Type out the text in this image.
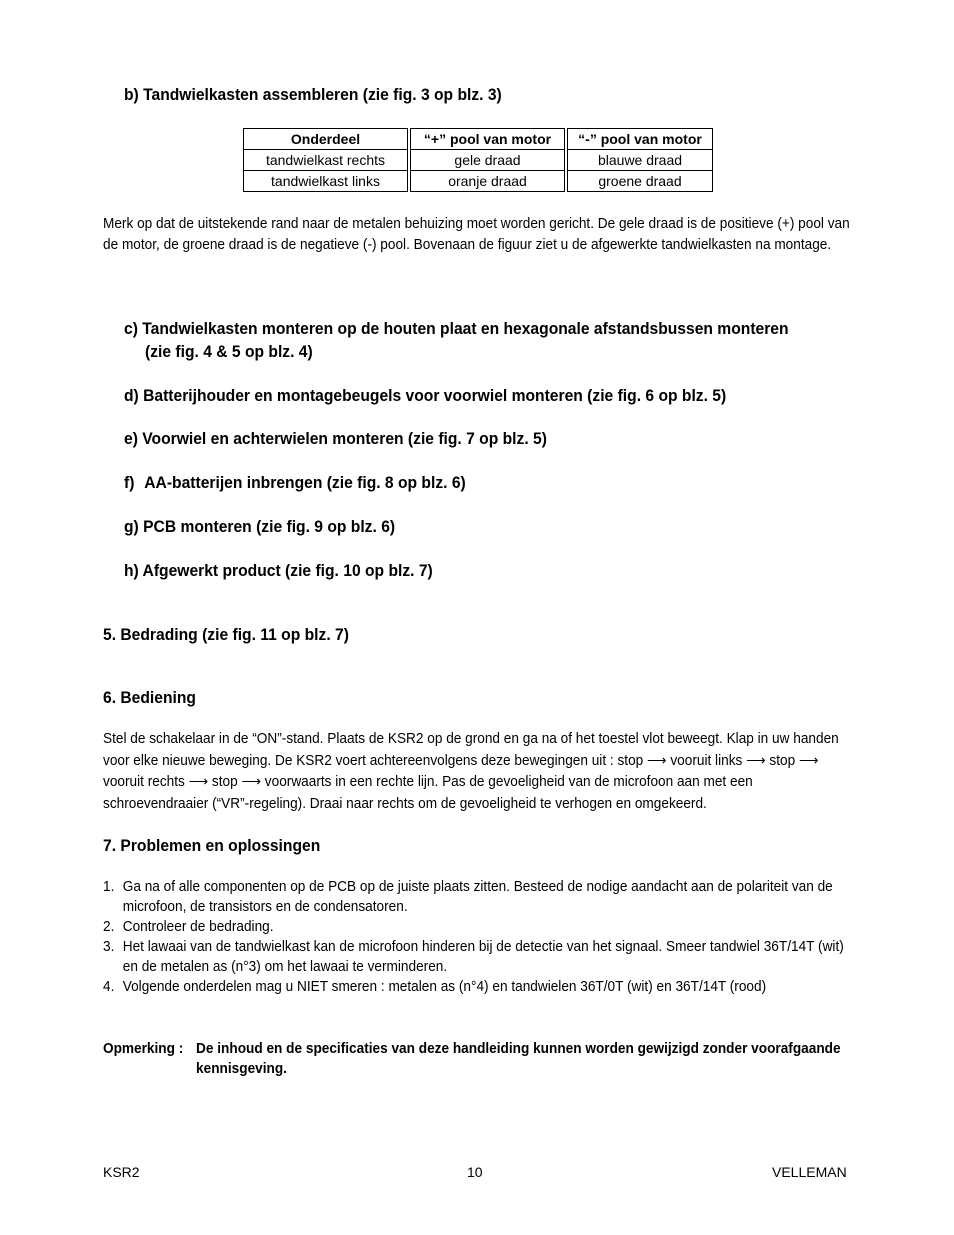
b) Tandwielkasten assembleren (zie fig. 3 op blz. 3)
Onderdeel		“+” pool van motor		“-” pool van motor
tandwielkast rechts		gele draad		blauwe draad
tandwielkast links		oranje draad		groene draad
Merk op dat de uitstekende rand naar de metalen behuizing moet worden gericht. De gele draad is de positieve (+) pool van de motor, de groene draad is de negatieve (-) pool. Bovenaan de figuur ziet u de afgewerkte tandwielkasten na montage.
c) Tandwielkasten monteren op de houten plaat en hexagonale afstandsbussen monteren
(zie fig. 4 & 5 op blz. 4)
d) Batterijhouder en montagebeugels voor voorwiel monteren (zie fig. 6 op blz. 5)
e) Voorwiel en achterwielen monteren (zie fig. 7 op blz. 5)
f) AA-batterijen inbrengen (zie fig. 8 op blz. 6)
g) PCB monteren (zie fig. 9 op blz. 6)
h) Afgewerkt product (zie fig. 10 op blz. 7)
5. Bedrading (zie fig. 11 op blz. 7)
6. Bediening
Stel de schakelaar in de “ON”-stand. Plaats de KSR2 op de grond en ga na of het toestel vlot beweegt. Klap in uw handen voor elke nieuwe beweging. De KSR2 voert achtereenvolgens deze bewegingen uit : stop ⟶ vooruit links ⟶ stop ⟶ vooruit rechts ⟶ stop ⟶ voorwaarts in een rechte lijn. Pas de gevoeligheid van de microfoon aan met een schroevendraaier (“VR”-regeling). Draai naar rechts om de gevoeligheid te verhogen en omgekeerd.
7. Problemen en oplossingen
1. Ga na of alle componenten op de PCB op de juiste plaats zitten. Besteed de nodige aandacht aan de polariteit van de microfoon, de transistors en de condensatoren.
2. Controleer de bedrading.
3. Het lawaai van de tandwielkast kan de microfoon hinderen bij de detectie van het signaal. Smeer tandwiel 36T/14T (wit) en de metalen as (n°3) om het lawaai te verminderen.
4. Volgende onderdelen mag u NIET smeren : metalen as (n°4) en tandwielen 36T/0T (wit) en 36T/14T (rood)
Opmerking : De inhoud en de specificaties van deze handleiding kunnen worden gewijzigd zonder voorafgaande kennisgeving.
KSR2	10	VELLEMAN
